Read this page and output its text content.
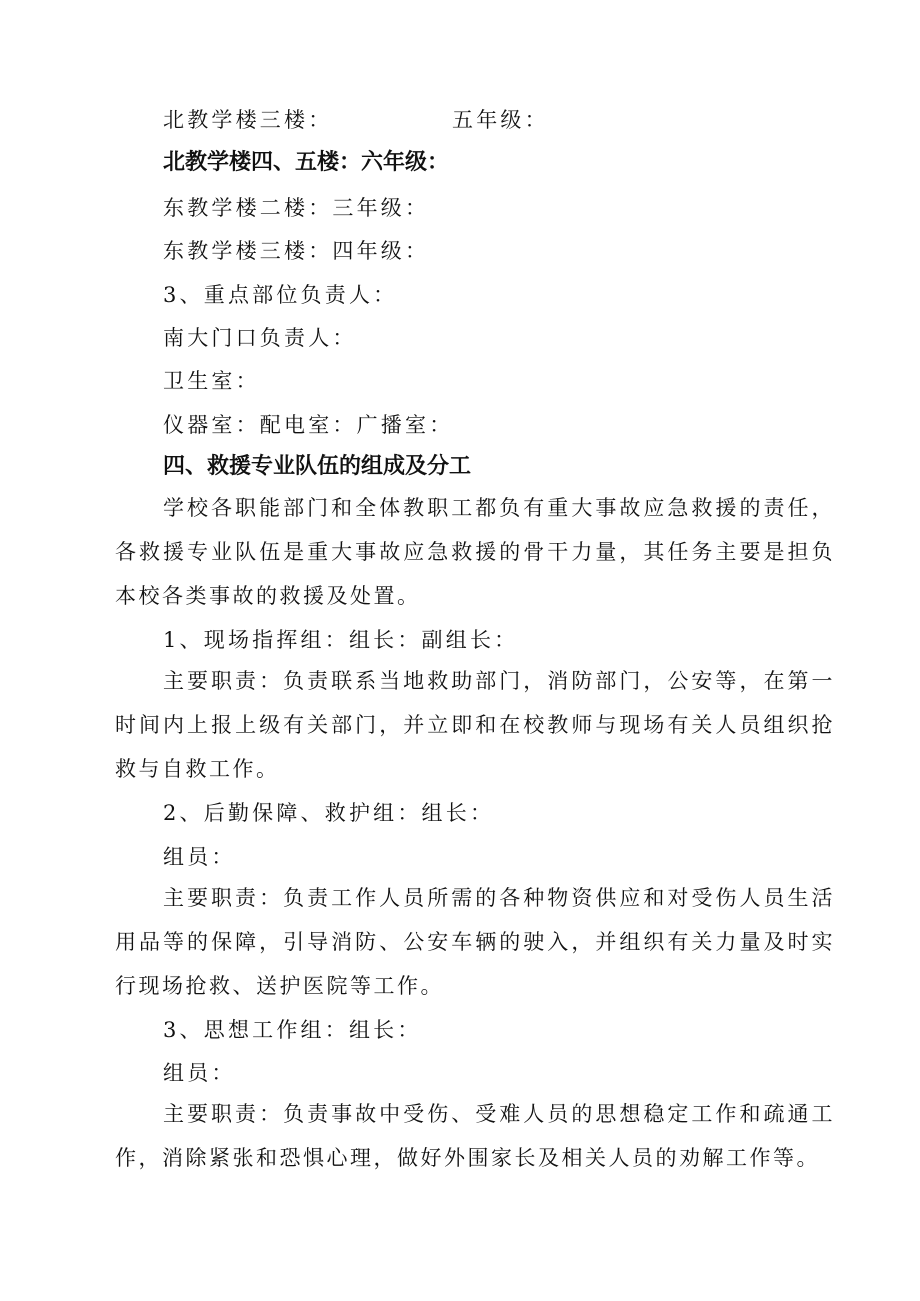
北教学楼三楼：	五年级：
北教学楼四、五楼：六年级：
东教学楼二楼：三年级：
东教学楼三楼：四年级：
3、重点部位负责人：
南大门口负责人：
卫生室：
仪器室：配电室：广播室：
四、救援专业队伍的组成及分工

学校各职能部门和全体教职工都负有重大事故应急救援的责任，各救援专业队伍是重大事故应急救援的骨干力量，其任务主要是担负本校各类事故的救援及处置。

1、现场指挥组：组长：副组长：

主要职责：负责联系当地救助部门，消防部门，公安等，在第一时间内上报上级有关部门，并立即和在校教师与现场有关人员组织抢救与自救工作。

2、后勤保障、救护组：组长：
组员：

主要职责：负责工作人员所需的各种物资供应和对受伤人员生活用品等的保障，引导消防、公安车辆的驶入，并组织有关力量及时实行现场抢救、送护医院等工作。

3、思想工作组：组长：
组员：

主要职责：负责事故中受伤、受难人员的思想稳定工作和疏通工作，消除紧张和恐惧心理，做好外围家长及相关人员的劝解工作等。
